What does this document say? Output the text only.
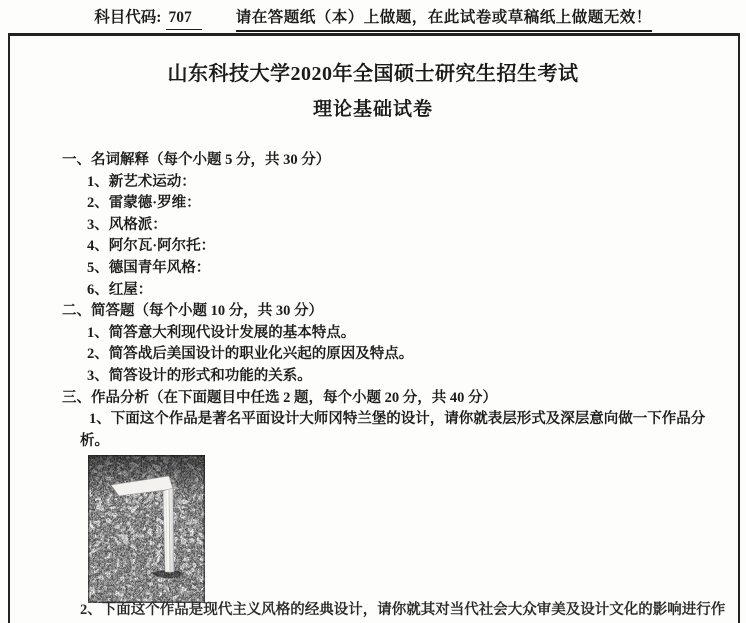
科目代码: 707	请在答题纸（本）上做题，在此试卷或草稿纸上做题无效！
山东科技大学2020年全国硕士研究生招生考试
理论基础试卷
一、名词解释（每个小题 5 分，共 30 分）
1、新艺术运动：
2、雷蒙德·罗维：
3、风格派：
4、阿尔瓦·阿尔托：
5、德国青年风格：
6、红屋：
二、简答题（每个小题 10 分，共 30 分）
1、简答意大利现代设计发展的基本特点。
2、简答战后美国设计的职业化兴起的原因及特点。
3、简答设计的形式和功能的关系。
三、作品分析（在下面题目中任选 2 题，每个小题 20 分，共 40 分）
1、下面这个作品是著名平面设计大师冈特兰堡的设计，请你就表层形式及深层意向做一下作品分析。
2、下面这个作品是现代主义风格的经典设计，请你就其对当代社会大众审美及设计文化的影响进行作
